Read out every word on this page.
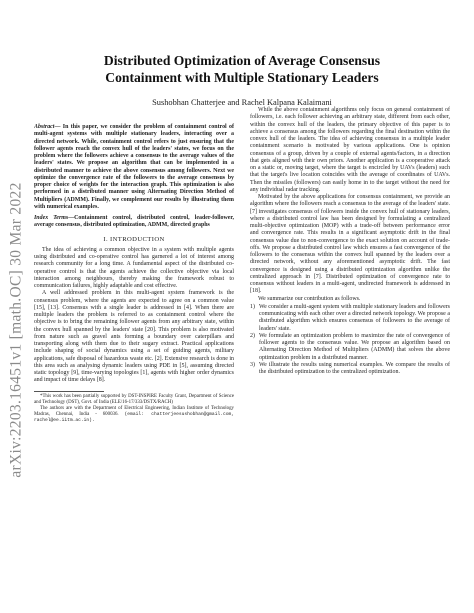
arXiv:2203.16451v1 [math.OC] 30 Mar 2022
Distributed Optimization of Average Consensus Containment with Multiple Stationary Leaders
Sushobhan Chatterjee and Rachel Kalpana Kalaimani
Abstract— In this paper, we consider the problem of containment control of multi-agent systems with multiple stationary leaders, interacting over a directed network. While, containment control refers to just ensuring that the follower agents reach the convex hull of the leaders' states, we focus on the problem where the followers achieve a consensus to the average values of the leaders' states. We propose an algorithm that can be implemented in a distributed manner to achieve the above consensus among followers. Next we optimize the convergence rate of the followers to the average consensus by proper choice of weights for the interaction graph. This optimization is also performed in a distributed manner using Alternating Direction Method of Multipliers (ADMM). Finally, we complement our results by illustrating them with numerical examples.
Index Terms—Containment control, distributed control, leader-follower, average consensus, distributed optimization, ADMM, directed graphs
I. INTRODUCTION

The idea of achieving a common objective in a system with multiple agents using distributed and co-operative control has garnered a lot of interest among research community for a long time. A fundamental aspect of the distributed co-operative control is that the agents achieve the collective objective via local interaction among neighbours, thereby making the framework robust to communication failures, highly adaptable and cost effective.

A well addressed problem in this multi-agent system framework is the consensus problem, where the agents are expected to agree on a common value [15], [13]. Consensus with a single leader is addressed in [4]. When there are multiple leaders the problem is referred to as containment control where the objective is to bring the remaining follower agents from any arbitrary state, within the convex hull spanned by the leaders' state [20]. This problem is also motivated from nature such as gravel ants forming a boundary over caterpillars and transporting along with them due to their sugary extract. Practical applications include shaping of social dynamics using a set of guiding agents, military applications, safe disposal of hazardous waste etc. [2]. Extensive research is done in this area such as analysing dynamic leaders using PDE in [5], assuming directed static topology [9], time-varying topologies [1], agents with higher order dynamics and impact of time delays [8].

*This work has been partially supported by DST-INSPIRE Faculty Grant, Department of Science and Technology (DST), Govt. of India (ELE/16-17/333/DSTX/RACH)
The authors are with the Department of Electrical Engineering, Indian Institute of Technology Madras, Chennai, India - 600036. (email: chatterjeesushobhan@gmail.com, rachel@ee.iitm.ac.in).

While the above containment algorithms only focus on general containment of followers, i.e. each follower achieving an arbitrary state, different from each other, within the convex hull of the leaders, the primary objective of this paper is to achieve a consensus among the followers regarding the final destination within the convex hull of the leaders. The idea of achieving consensus in a multiple leader containment scenario is motivated by various applications. One is opinion consensus of a group, driven by a couple of external agents/factors, in a direction that gets aligned with their own priors. Another application is a cooperative attack on a static or, moving target, where the target is encircled by UAVs (leaders) such that the target's live location coincides with the average of coordinates of UAVs. Then the missiles (followers) can easily home in to the target without the need for any individual radar tracking.

Motivated by the above applications for consensus containment, we provide an algorithm where the followers reach a consensus to the average of the leaders' state. [7] investigates consensus of followers inside the convex hull of stationary leaders, where a distributed control law has been designed by formulating a centralized multi-objective optimization (MOP) with a trade-off between performance error and convergence rate. This results in a significant asymptotic drift in the final consensus value due to non-convergence to the exact solution on account of trade-offs. We propose a distributed control law which ensures a fast convergence of the followers to the consensus within the convex hull spanned by the leaders over a directed network, without any aforementioned asymptotic drift. The fast convergence is designed using a distributed optimization algorithm unlike the centralized approach in [7]. Distributed optimization of convergence rate to consensus without leaders in a multi-agent, undirected framework is addressed in [18].

We summarize our contribution as follows.

1) We consider a multi-agent system with multiple stationary leaders and followers communicating with each other over a directed network topology. We propose a distributed algorithm which ensures consensus of followers to the average of leaders' state.
2) We formulate an optimization problem to maximize the rate of convergence of follower agents to the consensus value. We propose an algorithm based on Alternating Direction Method of Multipliers (ADMM) that solves the above optimization problem in a distributed manner.
3) We illustrate the results using numerical examples. We compare the results of the distributed optimization to the centralized optimization.
